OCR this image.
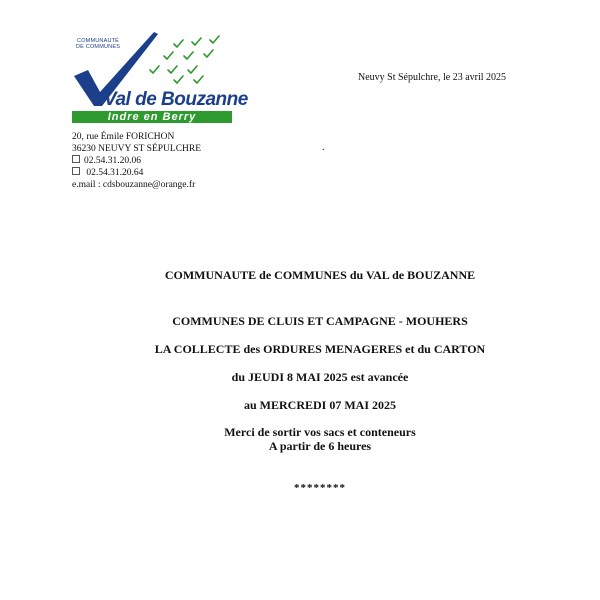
COMMUNAUTÉ
DE COMMUNES
Val de Bouzanne
Indre en Berry
Neuvy St Sépulchre, le 23 avril 2025
20, rue Émile FORICHON
36230 NEUVY ST SÉPULCHRE
02.54.31.20.06
02.54.31.20.64
e.mail : cdsbouzanne@orange.fr
.

COMMUNAUTE de COMMUNES du VAL de BOUZANNE

COMMUNES DE CLUIS ET CAMPAGNE - MOUHERS

LA COLLECTE des ORDURES MENAGERES et du CARTON

du JEUDI 8 MAI 2025 est avancée

au MERCREDI 07 MAI 2025

Merci de sortir vos sacs et conteneurs

A partir de 6 heures

********
